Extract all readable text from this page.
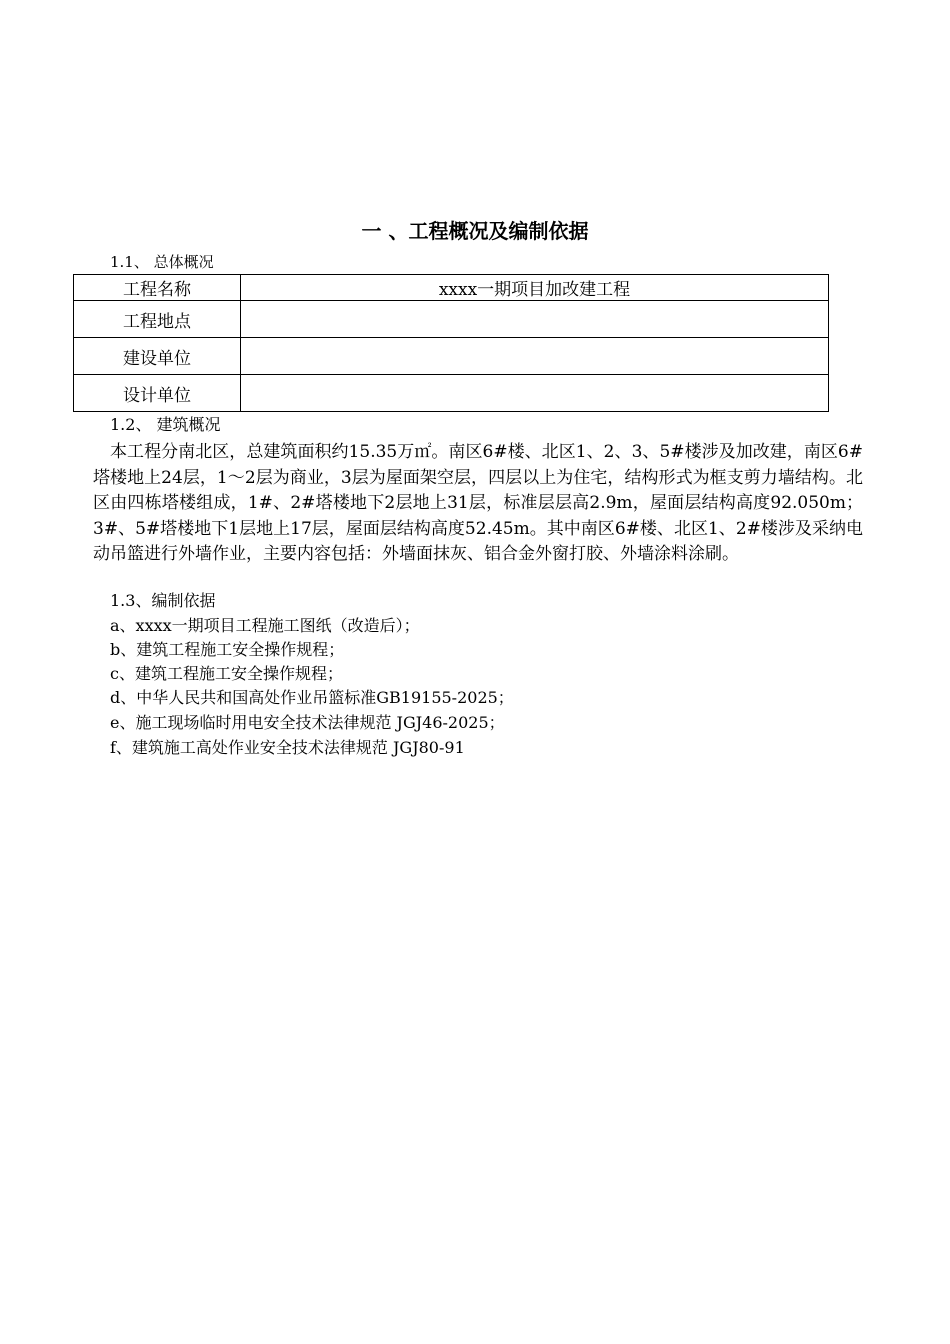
一 、工程概况及编制依据
1.1、 总体概况
工程名称	xxxx一期项目加改建工程
工程地点	
建设单位	
设计单位	
1.2、 建筑概况
本工程分南北区，总建筑面积约15.35万㎡。南区6#楼、北区1、2、3、5#楼涉及加改建，南区6#塔楼地上24层，1～2层为商业，3层为屋面架空层，四层以上为住宅，结构形式为框支剪力墙结构。北区由四栋塔楼组成，1#、2#塔楼地下2层地上31层，标准层层高2.9m，屋面层结构高度92.050m；3#、5#塔楼地下1层地上17层，屋面层结构高度52.45m。其中南区6#楼、北区1、2#楼涉及采纳电动吊篮进行外墙作业，主要内容包括：外墙面抹灰、铝合金外窗打胶、外墙涂料涂刷。
1.3、编制依据
a、xxxx一期项目工程施工图纸（改造后）；
b、建筑工程施工安全操作规程；
c、建筑工程施工安全操作规程；
d、中华人民共和国高处作业吊篮标准GB19155-2025；
e、施工现场临时用电安全技术法律规范 JGJ46-2025；
f、建筑施工高处作业安全技术法律规范 JGJ80-91
